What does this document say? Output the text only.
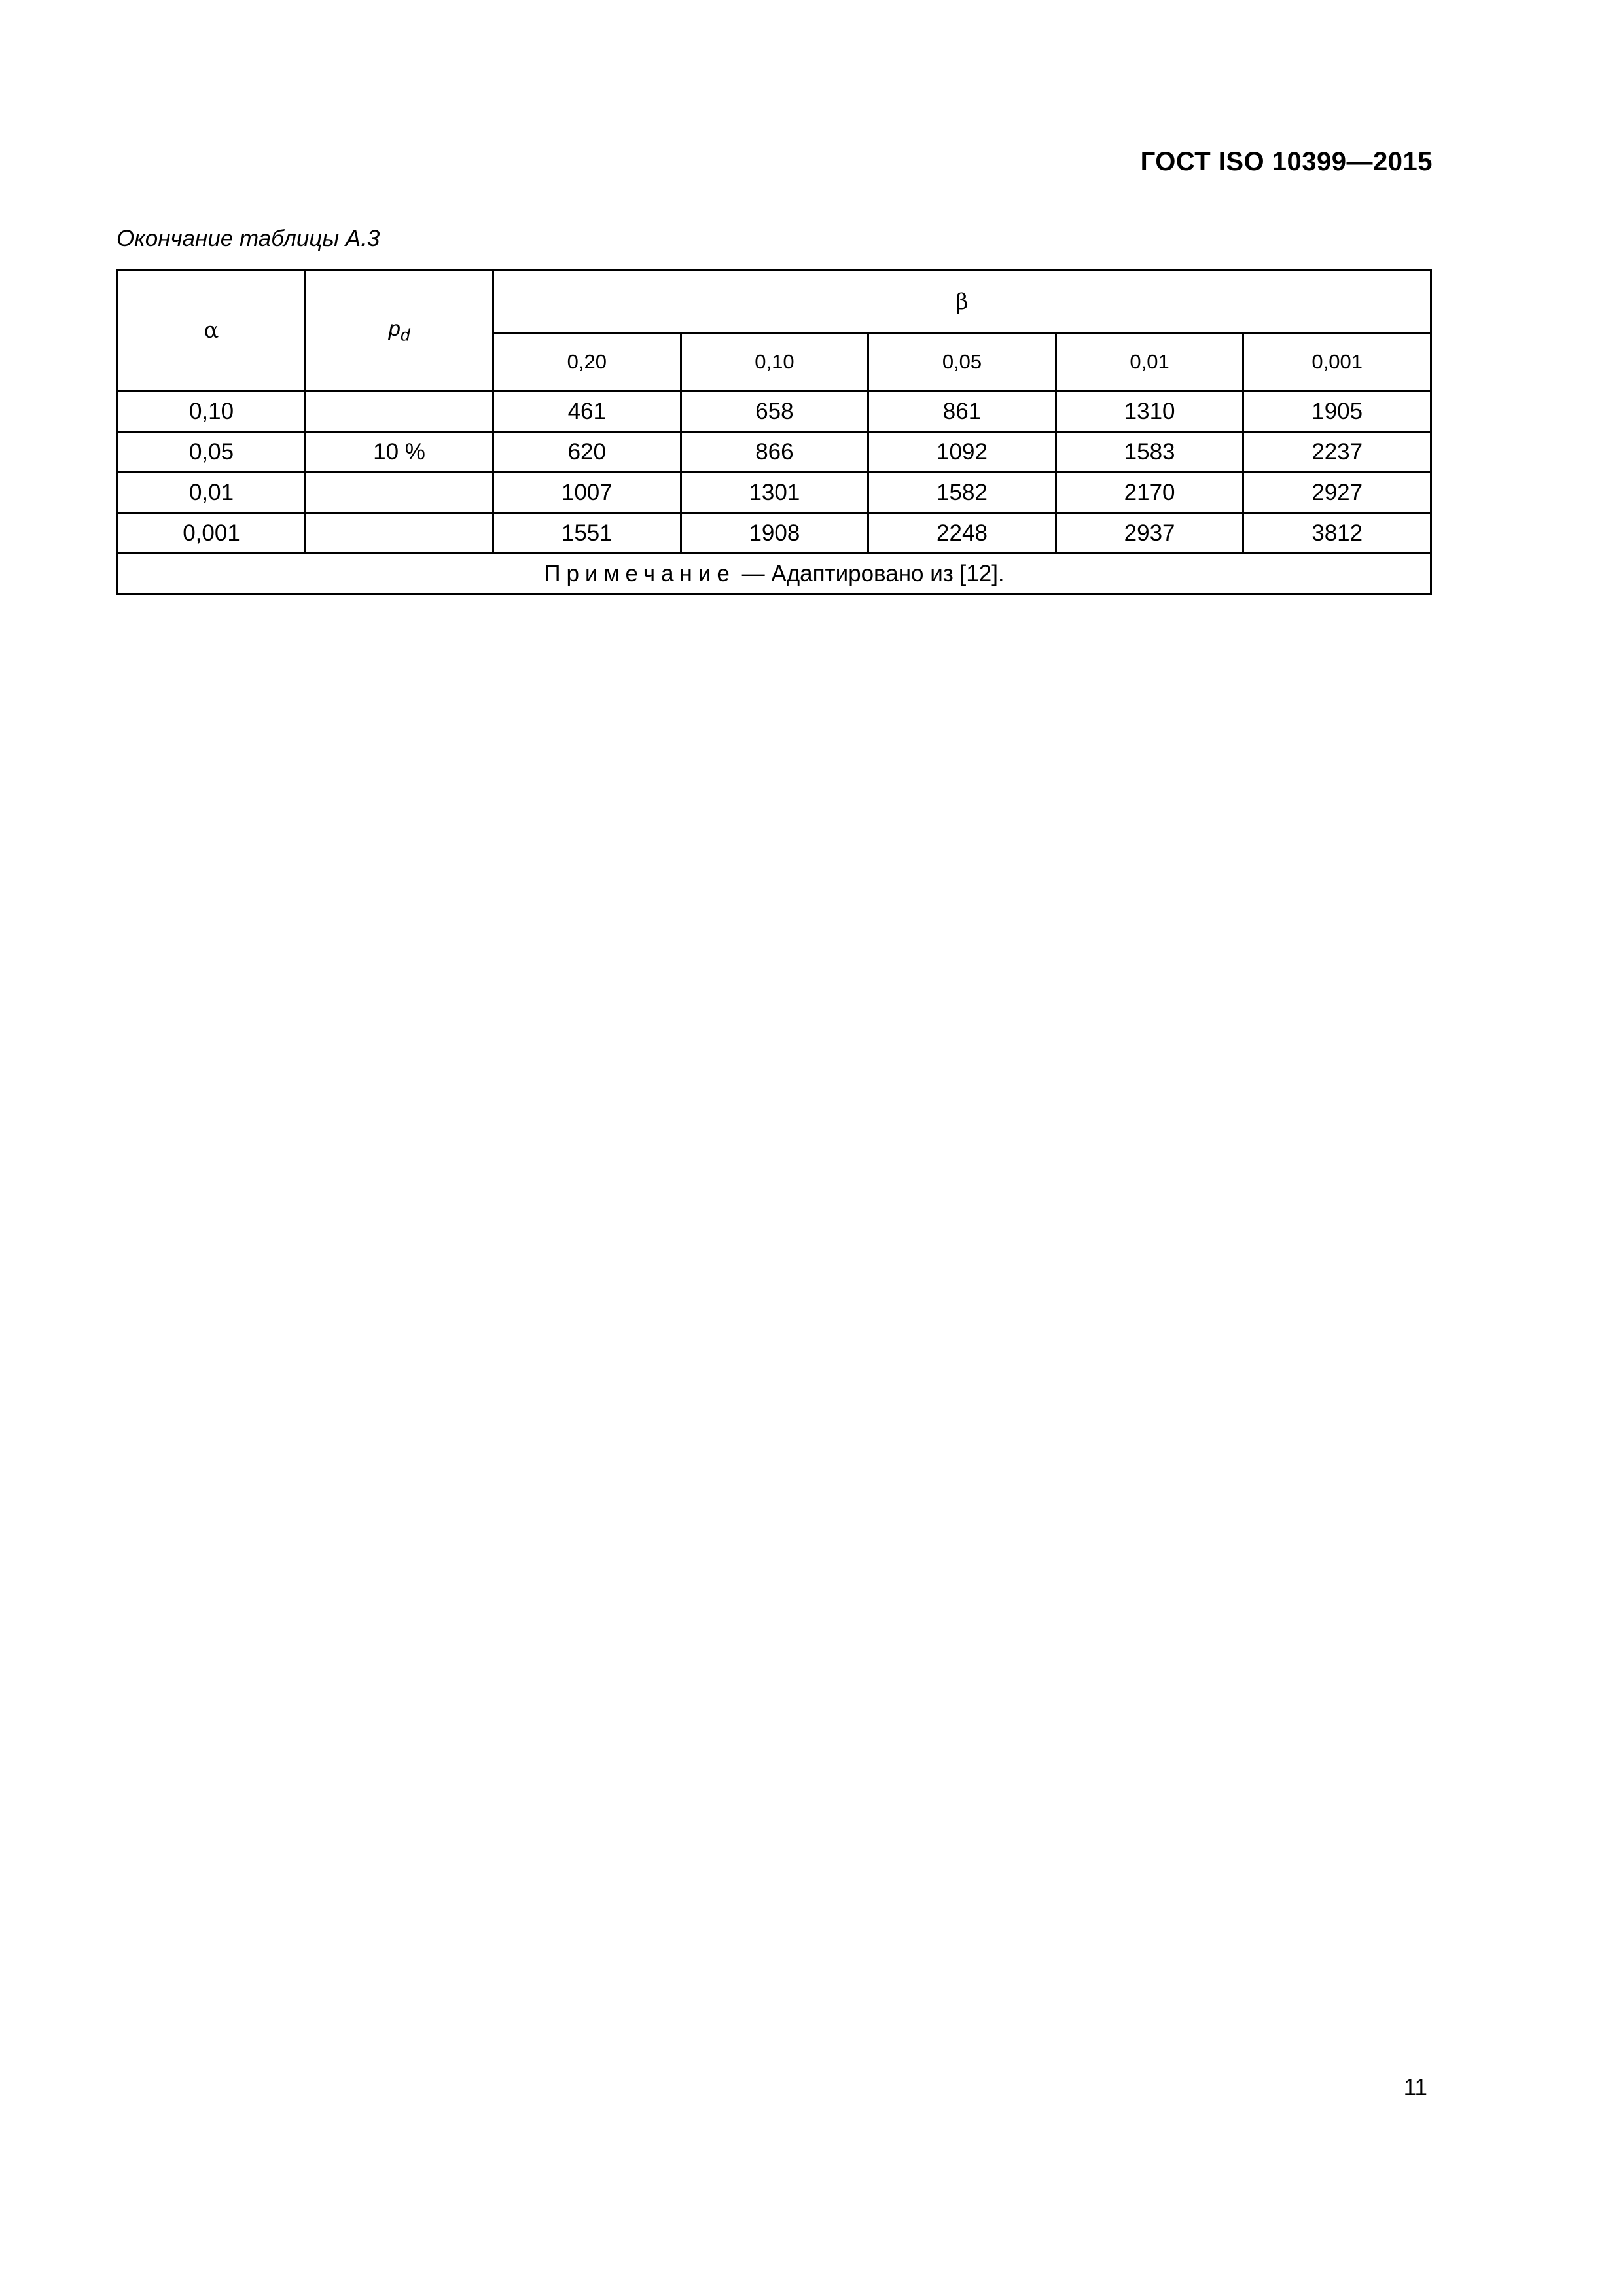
ГОСТ ISO 10399—2015
Окончание таблицы А.3
α	$p_d$	β				
		0,20	0,10	0,05	0,01	0,001
0,10		461	658	861	1310	1905
0,05	10 %	620	866	1092	1583	2237
0,01		1007	1301	1582	2170	2927
0,001		1551	1908	2248	2937	3812
Примечание — Адаптировано из [12].						
11
